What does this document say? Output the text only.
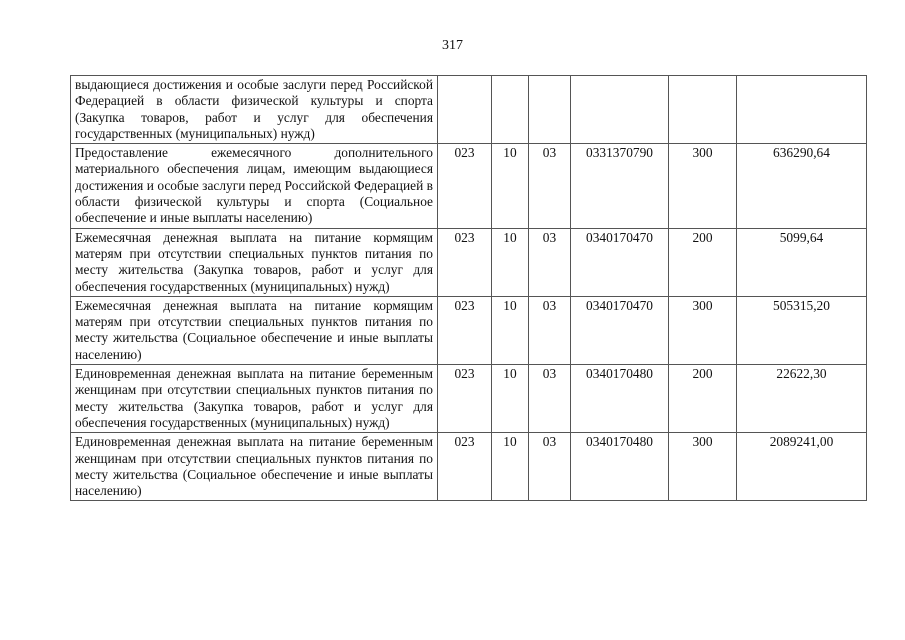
317
выдающиеся достижения и особые заслуги перед Российской Федерацией в области физической культуры и спорта (Закупка товаров, работ и услуг для обеспечения государственных (муниципальных) нужд)						
Предоставление ежемесячного дополнительного материального обеспечения лицам, имеющим выдающиеся достижения и особые заслуги перед Российской Федерацией в области физической культуры и спорта (Социальное обеспечение и иные выплаты населению)	023	10	03	0331370790	300	636290,64
Ежемесячная денежная выплата на питание кормящим матерям при отсутствии специальных пунктов питания по месту жительства (Закупка товаров, работ и услуг для обеспечения государственных (муниципальных) нужд)	023	10	03	0340170470	200	5099,64
Ежемесячная денежная выплата на питание кормящим матерям при отсутствии специальных пунктов питания по месту жительства (Социальное обеспечение и иные выплаты населению)	023	10	03	0340170470	300	505315,20
Единовременная денежная выплата на питание беременным женщинам при отсутствии специальных пунктов питания по месту жительства (Закупка товаров, работ и услуг для обеспечения государственных (муниципальных) нужд)	023	10	03	0340170480	200	22622,30
Единовременная денежная выплата на питание беременным женщинам при отсутствии специальных пунктов питания по месту жительства (Социальное обеспечение и иные выплаты населению)	023	10	03	0340170480	300	2089241,00
